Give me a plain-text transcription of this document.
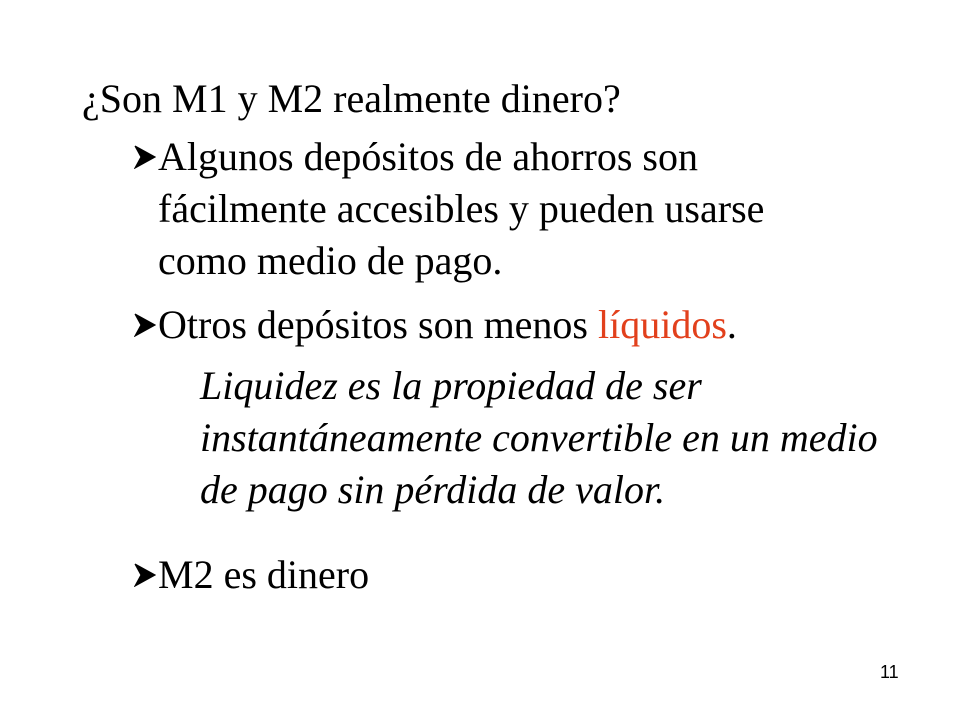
¿Son M1 y M2 realmente dinero?
Algunos depósitos de ahorros son fácilmente accesibles y pueden usarse como medio de pago.
Otros depósitos son menos líquidos.
Liquidez es la propiedad de ser instantáneamente convertible en un medio de pago sin pérdida de valor.
M2 es dinero
11
